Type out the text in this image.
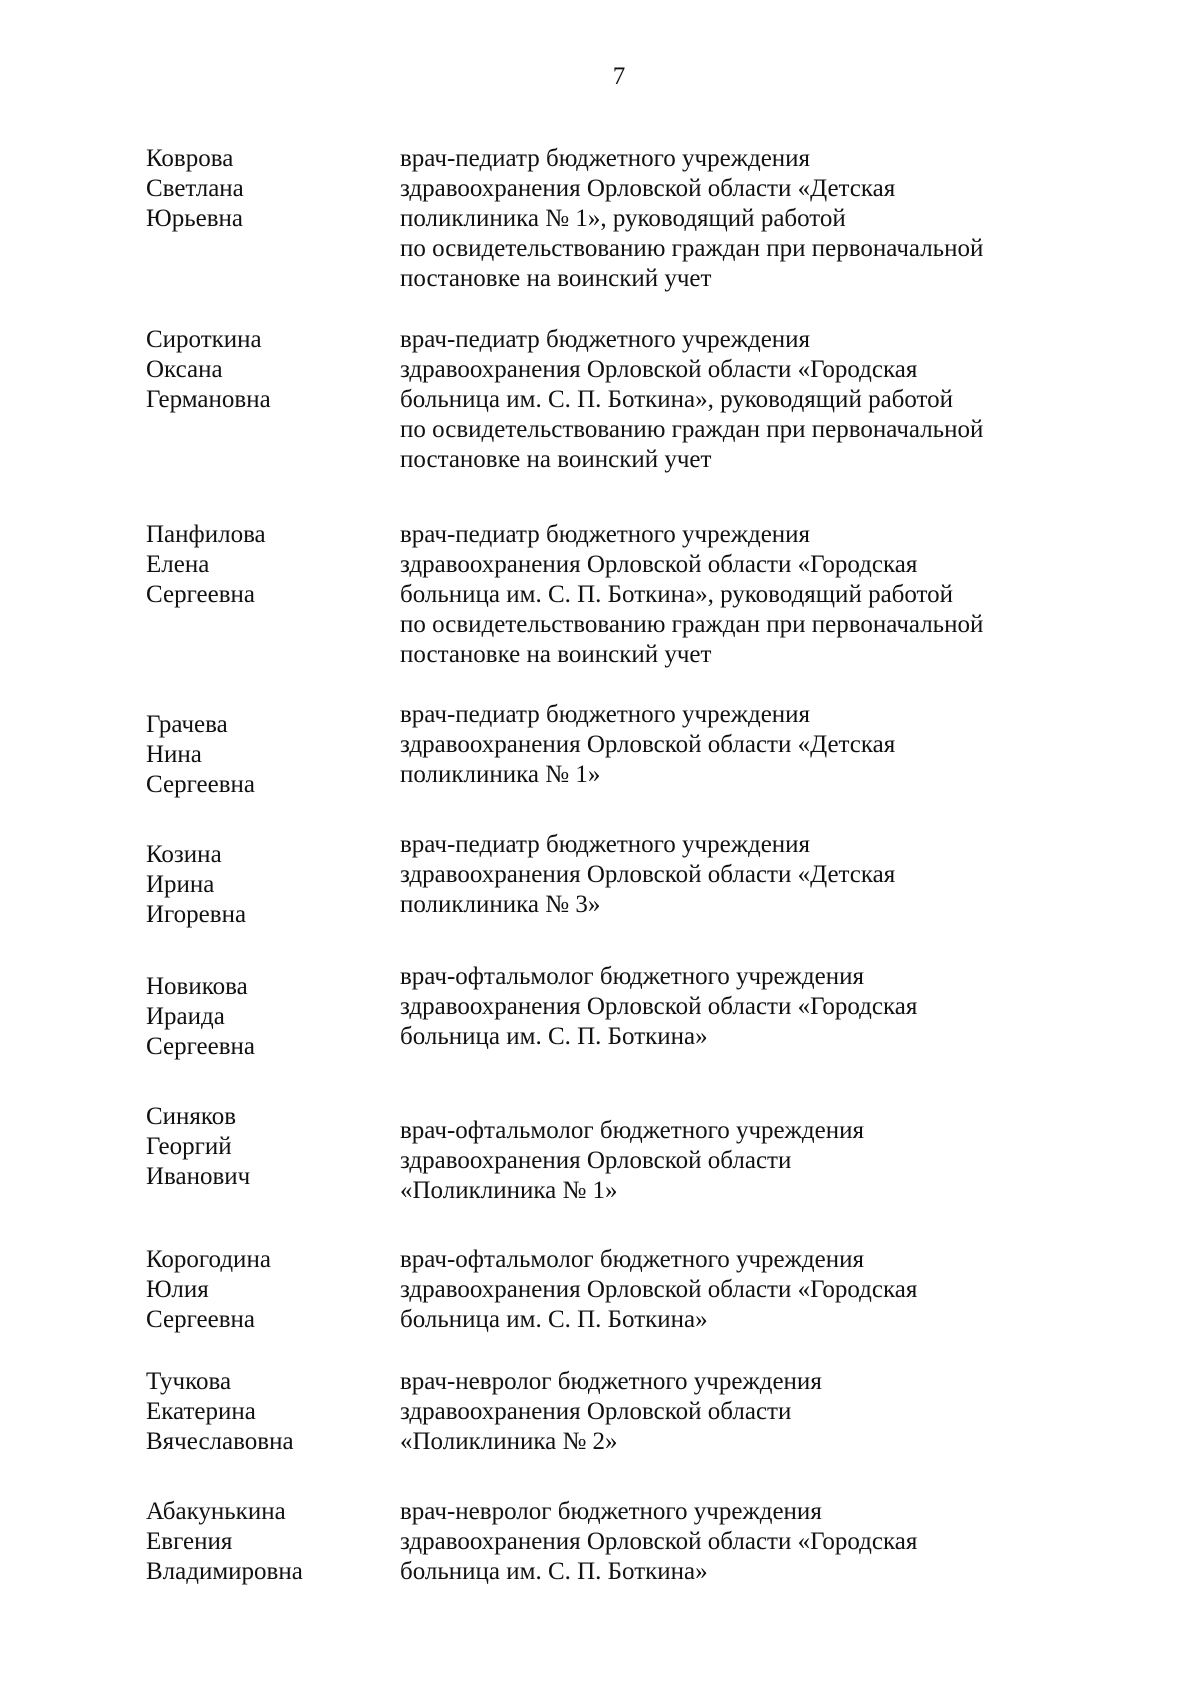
7
Коврова
Светлана
Юрьевна
врач-педиатр бюджетного учреждения
здравоохранения Орловской области «Детская
поликлиника № 1», руководящий работой
по освидетельствованию граждан при первоначальной
постановке на воинский учет
Сироткина
Оксана
Германовна
врач-педиатр бюджетного учреждения
здравоохранения Орловской области «Городская
больница им. С. П. Боткина», руководящий работой
по освидетельствованию граждан при первоначальной
постановке на воинский учет
Панфилова
Елена
Сергеевна
врач-педиатр бюджетного учреждения
здравоохранения Орловской области «Городская
больница им. С. П. Боткина», руководящий работой
по освидетельствованию граждан при первоначальной
постановке на воинский учет
Грачева
Нина
Сергеевна
врач-педиатр бюджетного учреждения
здравоохранения Орловской области «Детская
поликлиника № 1»
Козина
Ирина
Игоревна
врач-педиатр бюджетного учреждения
здравоохранения Орловской области «Детская
поликлиника № 3»
Новикова
Ираида
Сергеевна
врач-офтальмолог бюджетного учреждения
здравоохранения Орловской области «Городская
больница им. С. П. Боткина»
Синяков
Георгий
Иванович
врач-офтальмолог бюджетного учреждения
здравоохранения Орловской области
«Поликлиника № 1»
Корогодина
Юлия
Сергеевна
врач-офтальмолог бюджетного учреждения
здравоохранения Орловской области «Городская
больница им. С. П. Боткина»
Тучкова
Екатерина
Вячеславовна
врач-невролог бюджетного учреждения
здравоохранения Орловской области
«Поликлиника № 2»
Абакунькина
Евгения
Владимировна
врач-невролог бюджетного учреждения
здравоохранения Орловской области «Городская
больница им. С. П. Боткина»
